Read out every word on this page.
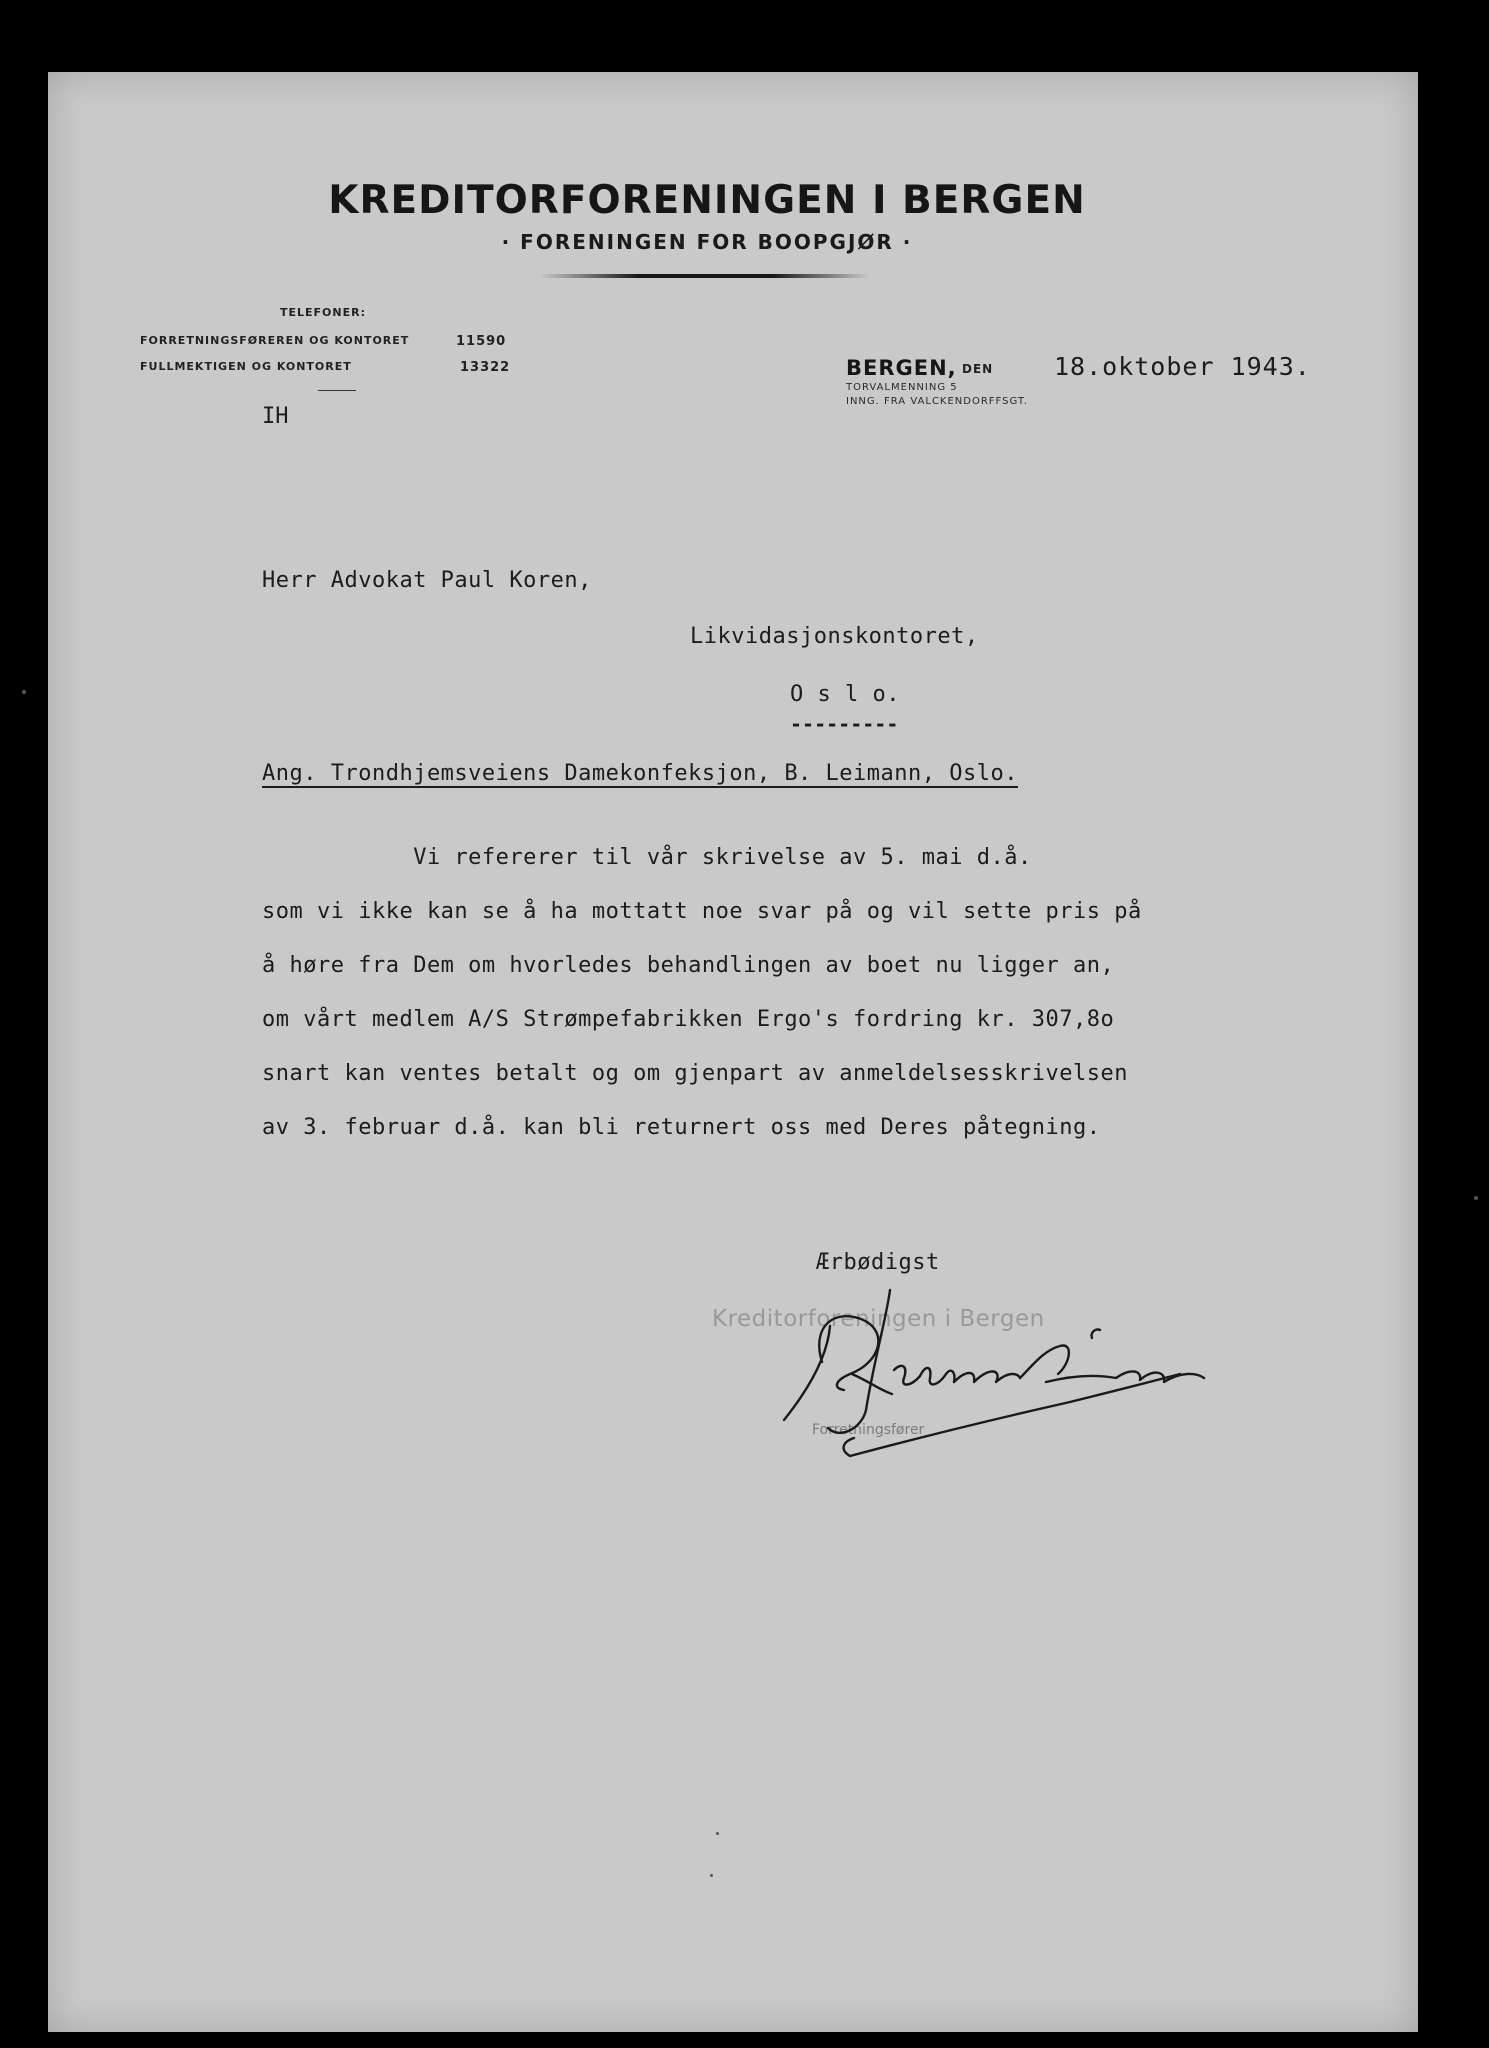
KREDITORFORENINGEN I BERGEN
· FORENINGEN FOR BOOPGJØR ·
TELEFONER:
FORRETNINGSFØREREN OG KONTORET	11590
FULLMEKTIGEN OG KONTORET	13322
IH
BERGEN, DEN 18.oktober 1943.
TORVALMENNING 5
INNG. FRA VALCKENDORFFSGT.
Herr Advokat Paul Koren,
Likvidasjonskontoret,
O s l o.
---------
Ang. Trondhjemsveiens Damekonfeksjon, B. Leimann, Oslo.
Vi refererer til vår skrivelse av 5. mai d.å.
som vi ikke kan se å ha mottatt noe svar på og vil sette pris på
å høre fra Dem om hvorledes behandlingen av boet nu ligger an,
om vårt medlem A/S Strømpefabrikken Ergo's fordring kr. 307,8o
snart kan ventes betalt og om gjenpart av anmeldelsesskrivelsen
av 3. februar d.å. kan bli returnert oss med Deres påtegning.
Ærbødigst
Kreditorforeningen i Bergen
Forretningsfører
